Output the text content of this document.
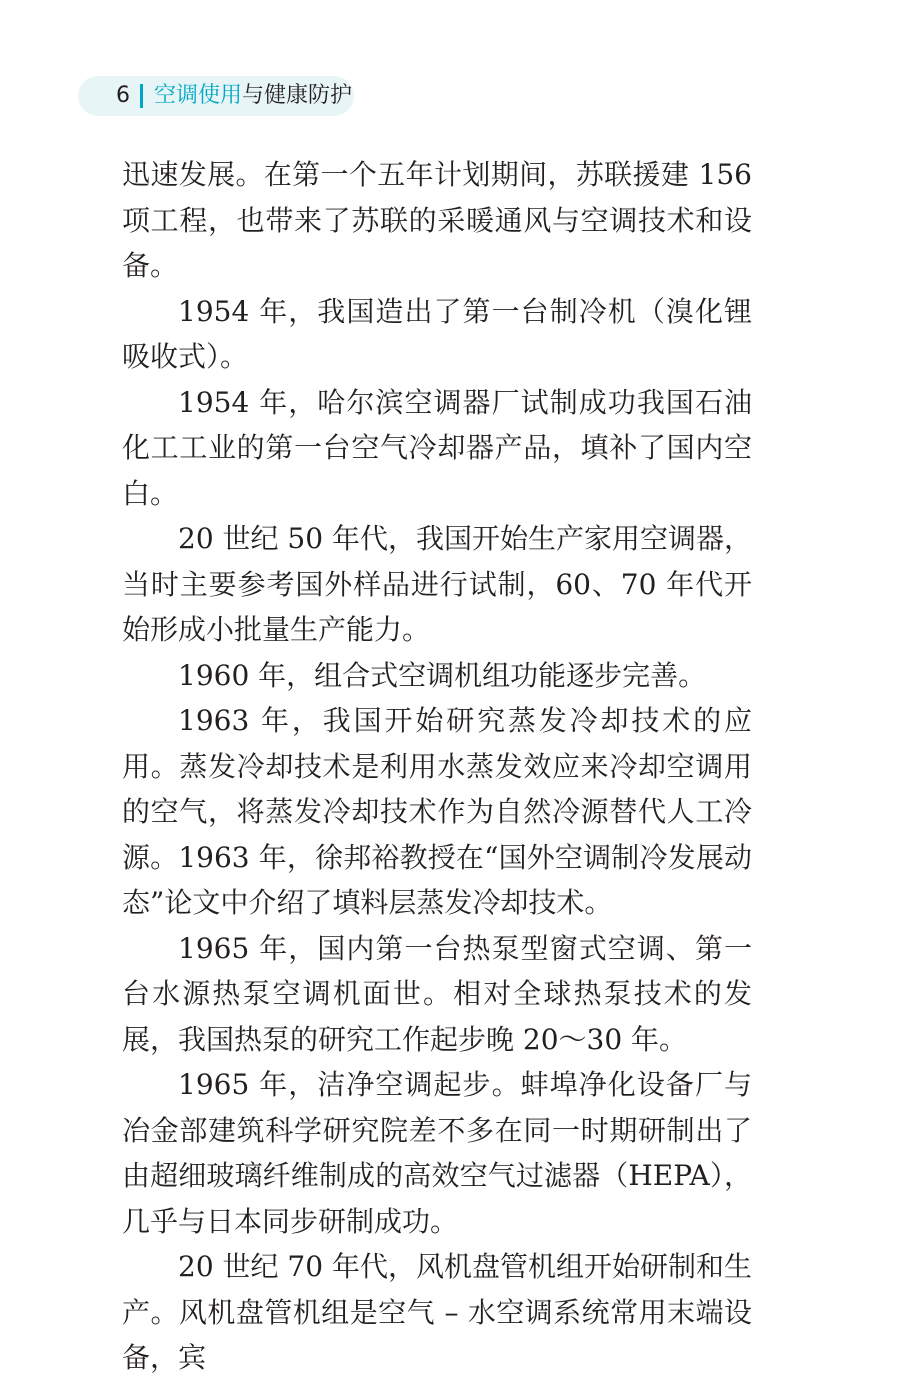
6 空调使用 与健康防护

迅速发展。在第一个五年计划期间，苏联援建 156 项工程，也带来了苏联的采暖通风与空调技术和设备。

1954 年，我国造出了第一台制冷机（溴化锂吸收式）。

1954 年，哈尔滨空调器厂试制成功我国石油化工工业的第一台空气冷却器产品，填补了国内空白。

20 世纪 50 年代，我国开始生产家用空调器，当时主要参考国外样品进行试制，60、70 年代开始形成小批量生产能力。

1960 年，组合式空调机组功能逐步完善。

1963 年，我国开始研究蒸发冷却技术的应用。蒸发冷却技术是利用水蒸发效应来冷却空调用的空气，将蒸发冷却技术作为自然冷源替代人工冷源。1963 年，徐邦裕教授在“国外空调制冷发展动态”论文中介绍了填料层蒸发冷却技术。

1965 年，国内第一台热泵型窗式空调、第一台水源热泵空调机面世。相对全球热泵技术的发展，我国热泵的研究工作起步晚 20～30 年。

1965 年，洁净空调起步。蚌埠净化设备厂与冶金部建筑科学研究院差不多在同一时期研制出了由超细玻璃纤维制成的高效空气过滤器（HEPA），几乎与日本同步研制成功。

20 世纪 70 年代，风机盘管机组开始研制和生产。风机盘管机组是空气 – 水空调系统常用末端设备，宾
